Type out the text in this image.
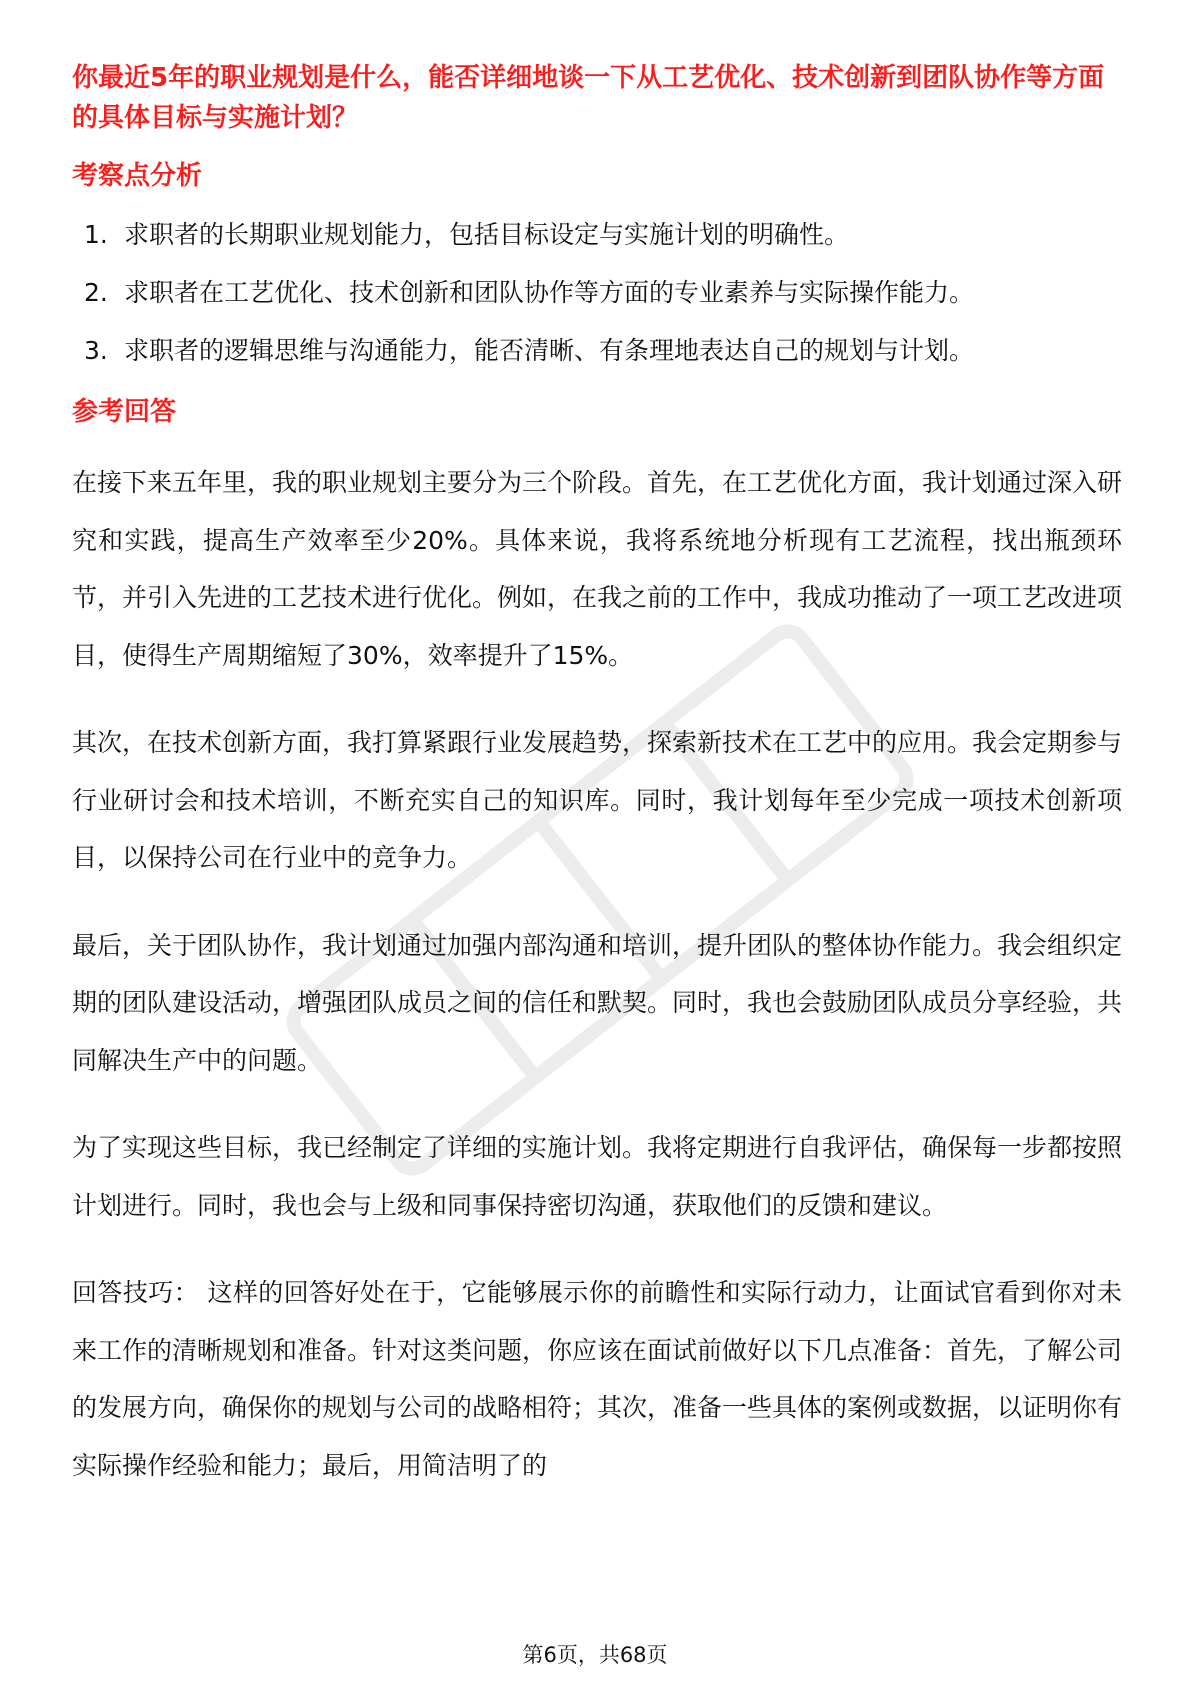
你最近5年的职业规划是什么，能否详细地谈一下从工艺优化、技术创新到团队协作等方面的具体目标与实施计划？

考察点分析

1. 求职者的长期职业规划能力，包括目标设定与实施计划的明确性。
2. 求职者在工艺优化、技术创新和团队协作等方面的专业素养与实际操作能力。
3. 求职者的逻辑思维与沟通能力，能否清晰、有条理地表达自己的规划与计划。

参考回答

在接下来五年里，我的职业规划主要分为三个阶段。首先，在工艺优化方面，我计划通过深入研究和实践，提高生产效率至少20%。具体来说，我将系统地分析现有工艺流程，找出瓶颈环节，并引入先进的工艺技术进行优化。例如，在我之前的工作中，我成功推动了一项工艺改进项目，使得生产周期缩短了30%，效率提升了15%。

其次，在技术创新方面，我打算紧跟行业发展趋势，探索新技术在工艺中的应用。我会定期参与行业研讨会和技术培训，不断充实自己的知识库。同时，我计划每年至少完成一项技术创新项目，以保持公司在行业中的竞争力。

最后，关于团队协作，我计划通过加强内部沟通和培训，提升团队的整体协作能力。我会组织定期的团队建设活动，增强团队成员之间的信任和默契。同时，我也会鼓励团队成员分享经验，共同解决生产中的问题。

为了实现这些目标，我已经制定了详细的实施计划。我将定期进行自我评估，确保每一步都按照计划进行。同时，我也会与上级和同事保持密切沟通，获取他们的反馈和建议。

回答技巧： 这样的回答好处在于，它能够展示你的前瞻性和实际行动力，让面试官看到你对未来工作的清晰规划和准备。针对这类问题，你应该在面试前做好以下几点准备：首先，了解公司的发展方向，确保你的规划与公司的战略相符；其次，准备一些具体的案例或数据，以证明你有实际操作经验和能力；最后，用简洁明了的

第6页，共68页
